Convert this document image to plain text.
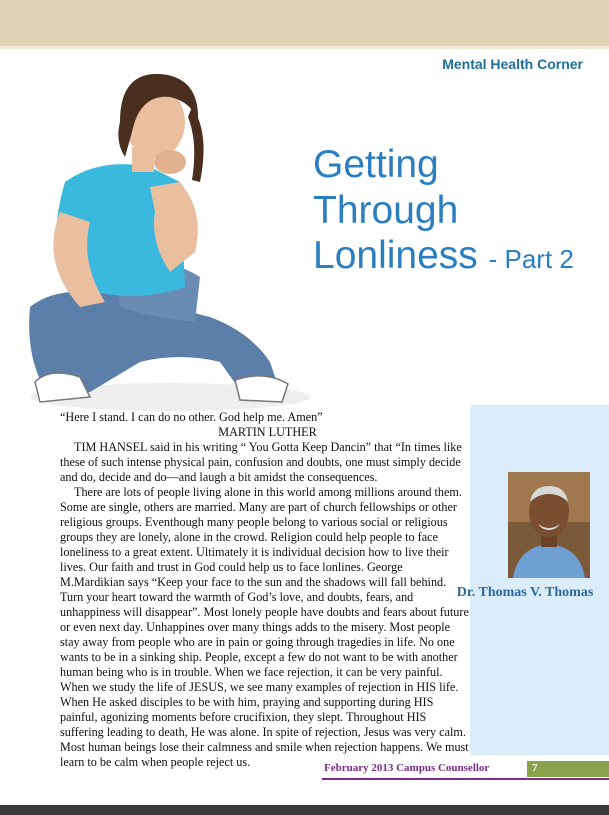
Mental Health Corner
Getting
Through
Lonliness - Part 2
Dr. Thomas V. Thomas

“Here I stand. I can do no other. God help me. Amen”

MARTIN LUTHER

TIM HANSEL said in his writing “ You Gotta Keep Dancin” that “In times like these of such intense physical pain, confusion and doubts, one must simply decide and do, decide and do—and laugh a bit amidst the consequences.

There are lots of people living alone in this world among millions around them. Some are single, others are married. Many are part of church fellowships or other religious groups. Eventhough many people belong to various social or religious groups they are lonely, alone in the crowd. Religion could help people to face loneliness to a great extent. Ultimately it is individual decision how to live their lives. Our faith and trust in God could help us to face lonlines. George M.Mardikian says “Keep your face to the sun and the shadows will fall behind. Turn your heart toward the warmth of God’s love, and doubts, fears, and unhappiness will disappear”. Most lonely people have doubts and fears about future or even next day. Unhappines over many things adds to the misery. Most people stay away from people who are in pain or going through tragedies in life. No one wants to be in a sinking ship. People, except a few do not want to be with another human being who is in trouble. When we face rejection, it can be very painful. When we study the life of JESUS, we see many examples of rejection in HIS life. When He asked disciples to be with him, praying and supporting during HIS painful, agonizing moments before crucifixion, they slept. Throughout HIS suffering leading to death, He was alone. In spite of rejection, Jesus was very calm. Most human beings lose their calmness and smile when rejection happens. We must learn to be calm when people reject us.	February 2013 Campus Counsellor	7
